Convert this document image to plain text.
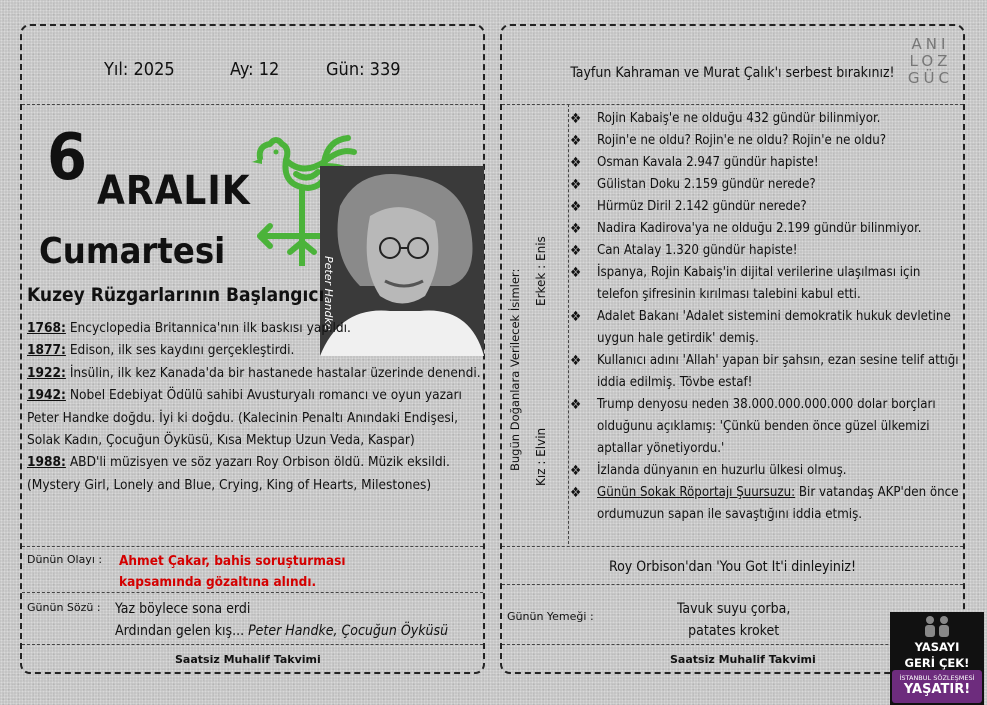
Yıl: 2025	Ay: 12	Gün: 339
6 ARALIK
Peter Handke
Cumartesi
Kuzey Rüzgarlarının Başlangıcı

1768: Encyclopedia Britannica'nın ilk baskısı yapıldı.

1877: Edison, ilk ses kaydını gerçekleştirdi.

1922: İnsülin, ilk kez Kanada'da bir hastanede hastalar üzerinde denendi.

1942: Nobel Edebiyat Ödülü sahibi Avusturyalı romancı ve oyun yazarı Peter Handke doğdu. İyi ki doğdu. (Kalecinin Penaltı Anındaki Endişesi, Solak Kadın, Çocuğun Öyküsü, Kısa Mektup Uzun Veda, Kaspar)

1988: ABD'li müzisyen ve söz yazarı Roy Orbison öldü. Müzik eksildi. (Mystery Girl, Lonely and Blue, Crying, King of Hearts, Milestones)

Dünün Olayı : Ahmet Çakar, bahis soruşturması kapsamında gözaltına alındı.
Günün Sözü : Yaz böylece sona erdi
Ardından gelen kış... Peter Handke, Çocuğun Öyküsü
Saatsiz Muhalif Takvimi
Tayfun Kahraman ve Murat Çalık'ı serbest bırakınız!
ANI
LOZ
GÜC
Bugün Doğanlara Verilecek İsimler: Erkek : Enis
Kız : Elvin
❖ Rojin Kabaiş'e ne olduğu 432 gündür bilinmiyor.
❖ Rojin'e ne oldu? Rojin'e ne oldu? Rojin'e ne oldu?
❖ Osman Kavala 2.947 gündür hapiste!
❖ Gülistan Doku 2.159 gündür nerede?
❖ Hürmüz Diril 2.142 gündür nerede?
❖ Nadira Kadirova'ya ne olduğu 2.199 gündür bilinmiyor.
❖ Can Atalay 1.320 gündür hapiste!
❖ İspanya, Rojin Kabaiş'in dijital verilerine ulaşılması için telefon şifresinin kırılması talebini kabul etti.
❖ Adalet Bakanı 'Adalet sistemini demokratik hukuk devletine uygun hale getirdik' demiş.
❖ Kullanıcı adını 'Allah' yapan bir şahsın, ezan sesine telif attığı iddia edilmiş. Tövbe estaf!
❖ Trump denyosu neden 38.000.000.000.000 dolar borçları olduğunu açıklamış: 'Çünkü benden önce güzel ülkemizi aptallar yönetiyordu.'
❖ İzlanda dünyanın en huzurlu ülkesi olmuş.
❖ Günün Sokak Röportajı Şuursuzu: Bir vatandaş AKP'den önce ordumuzun sapan ile savaştığını iddia etmiş.
Roy Orbison'dan 'You Got It'i dinleyiniz!
Günün Yemeği :	Tavuk suyu çorba,
patates kroket
Saatsiz Muhalif Takvimi
YASAYI
GERİ ÇEK!
İSTANBUL SÖZLEŞMESİ
YAŞATIR!
